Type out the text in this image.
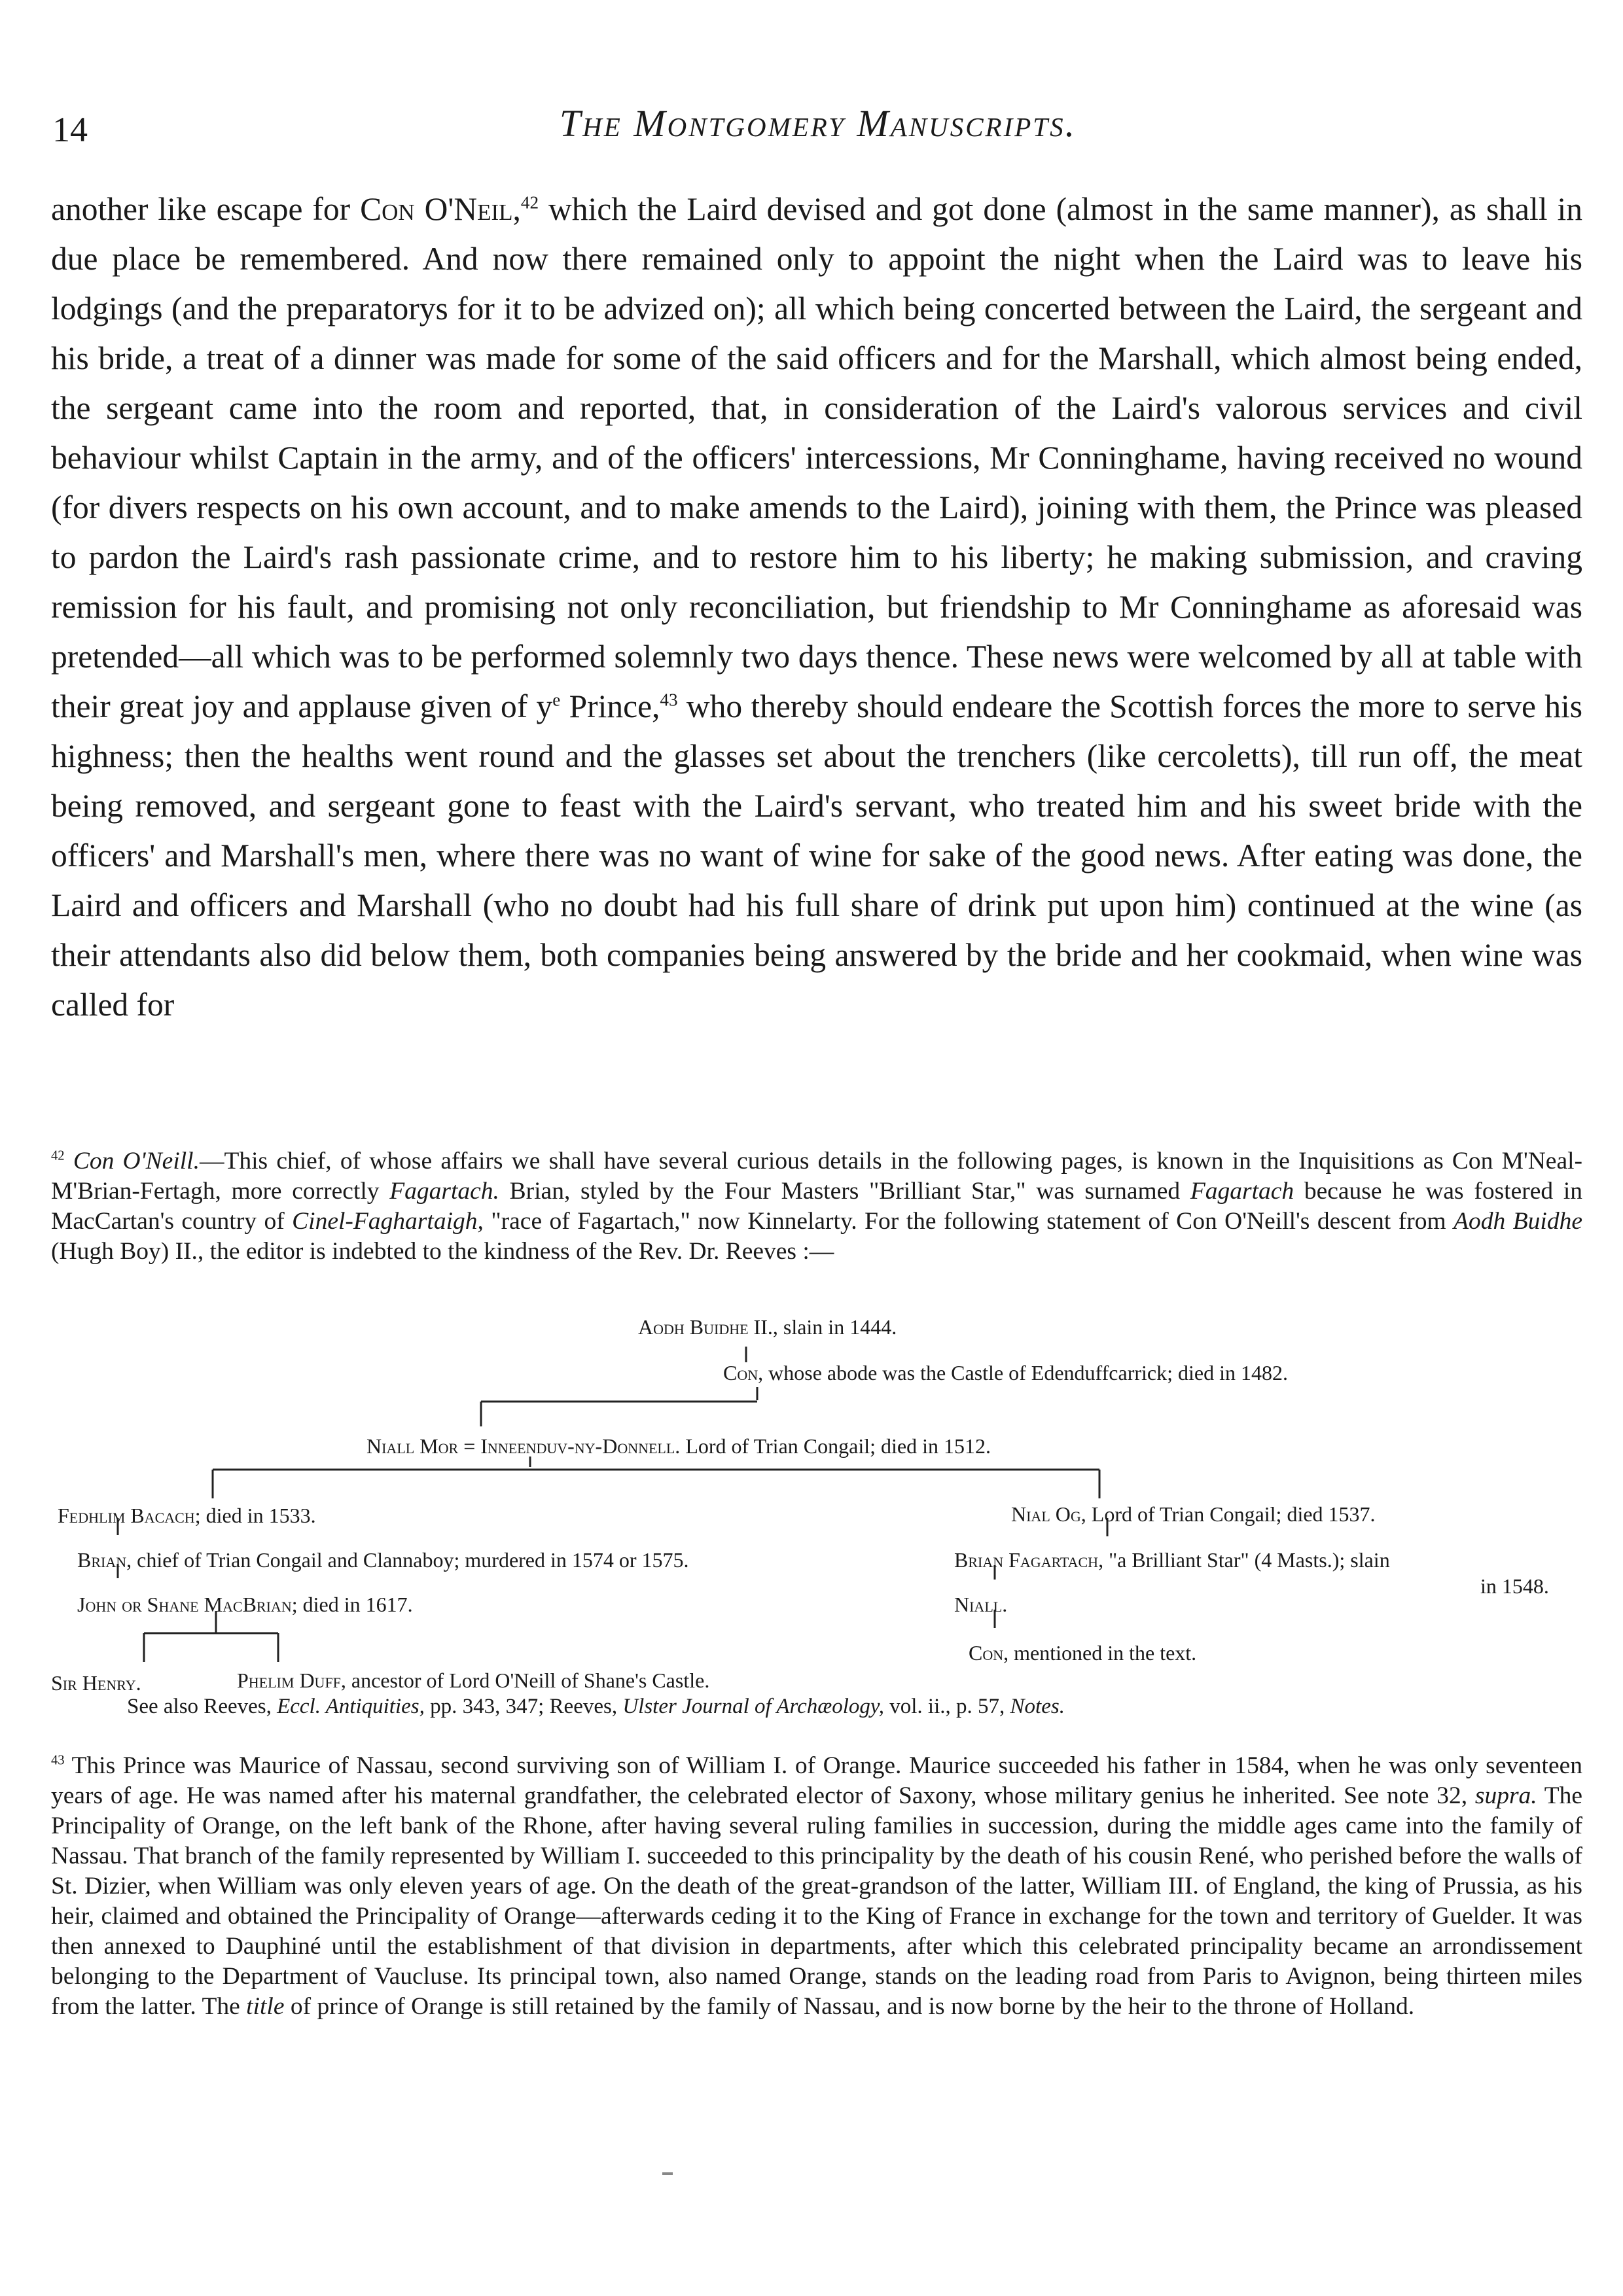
14	The Montgomery Manuscripts.

another like escape for Con O'Neil,$^{42}$ which the Laird devised and got done (almost in the same manner), as shall in due place be remembered. And now there remained only to appoint the night when the Laird was to leave his lodgings (and the preparatorys for it to be advized on); all which being concerted between the Laird, the sergeant and his bride, a treat of a dinner was made for some of the said officers and for the Marshall, which almost being ended, the sergeant came into the room and reported, that, in consideration of the Laird's valorous services and civil behaviour whilst Captain in the army, and of the officers' intercessions, Mr Conninghame, having received no wound (for divers respects on his own account, and to make amends to the Laird), joining with them, the Prince was pleased to pardon the Laird's rash passionate crime, and to restore him to his liberty; he making submission, and craving remission for his fault, and promising not only reconciliation, but friendship to Mr Conninghame as aforesaid was pretended—all which was to be performed solemnly two days thence. These news were welcomed by all at table with their great joy and applause given of $y^e$ Prince,$^{43}$ who thereby should endeare the Scottish forces the more to serve his highness; then the healths went round and the glasses set about the trenchers (like cercoletts), till run off, the meat being removed, and sergeant gone to feast with the Laird's servant, who treated him and his sweet bride with the officers' and Marshall's men, where there was no want of wine for sake of the good news. After eating was done, the Laird and officers and Marshall (who no doubt had his full share of drink put upon him) continued at the wine (as their attendants also did below them, both companies being answered by the bride and her cookmaid, when wine was called for

$^{42}$ Con O'Neill.—This chief, of whose affairs we shall have several curious details in the following pages, is known in the Inquisitions as Con M'Neal-M'Brian-Fertagh, more correctly Fagartach. Brian, styled by the Four Masters "Brilliant Star," was surnamed Fagartach because he was fostered in MacCartan's country of Cinel-Faghartaigh, "race of Fagartach," now Kinnelarty. For the following statement of Con O'Neill's descent from Aodh Buidhe (Hugh Boy) II., the editor is indebted to the kindness of the Rev. Dr. Reeves :—

Aodh Buidhe II., slain in 1444.
Con, whose abode was the Castle of Edenduffcarrick; died in 1482.
Niall Mor = Inneenduv-ny-Donnell. Lord of Trian Congail; died in 1512.
Fedhlim Bacach; died in 1533.
Brian, chief of Trian Congail and Clannaboy; murdered in 1574 or 1575.
John or Shane MacBrian; died in 1617.
Sir Henry.	Phelim Duff, ancestor of Lord O'Neill of Shane's Castle.
Nial Og, Lord of Trian Congail; died 1537.
Brian Fagartach, "a Brilliant Star" (4 Masts.); slain
in 1548.
Niall.
Con, mentioned in the text.
See also Reeves, Eccl. Antiquities, pp. 343, 347; Reeves, Ulster Journal of Archæology, vol. ii., p. 57, Notes.

$^{43}$ This Prince was Maurice of Nassau, second surviving son of William I. of Orange. Maurice succeeded his father in 1584, when he was only seventeen years of age. He was named after his maternal grandfather, the celebrated elector of Saxony, whose military genius he inherited. See note 32, supra. The Principality of Orange, on the left bank of the Rhone, after having several ruling families in succession, during the middle ages came into the family of Nassau. That branch of the family represented by William I. succeeded to this principality by the death of his cousin René, who perished before the walls of St. Dizier, when William was only eleven years of age. On the death of the great-grandson of the latter, William III. of England, the king of Prussia, as his heir, claimed and obtained the Principality of Orange—afterwards ceding it to the King of France in exchange for the town and territory of Guelder. It was then annexed to Dauphiné until the establishment of that division in departments, after which this celebrated principality became an arrondissement belonging to the Department of Vaucluse. Its principal town, also named Orange, stands on the leading road from Paris to Avignon, being thirteen miles from the latter. The title of prince of Orange is still retained by the family of Nassau, and is now borne by the heir to the throne of Holland.
